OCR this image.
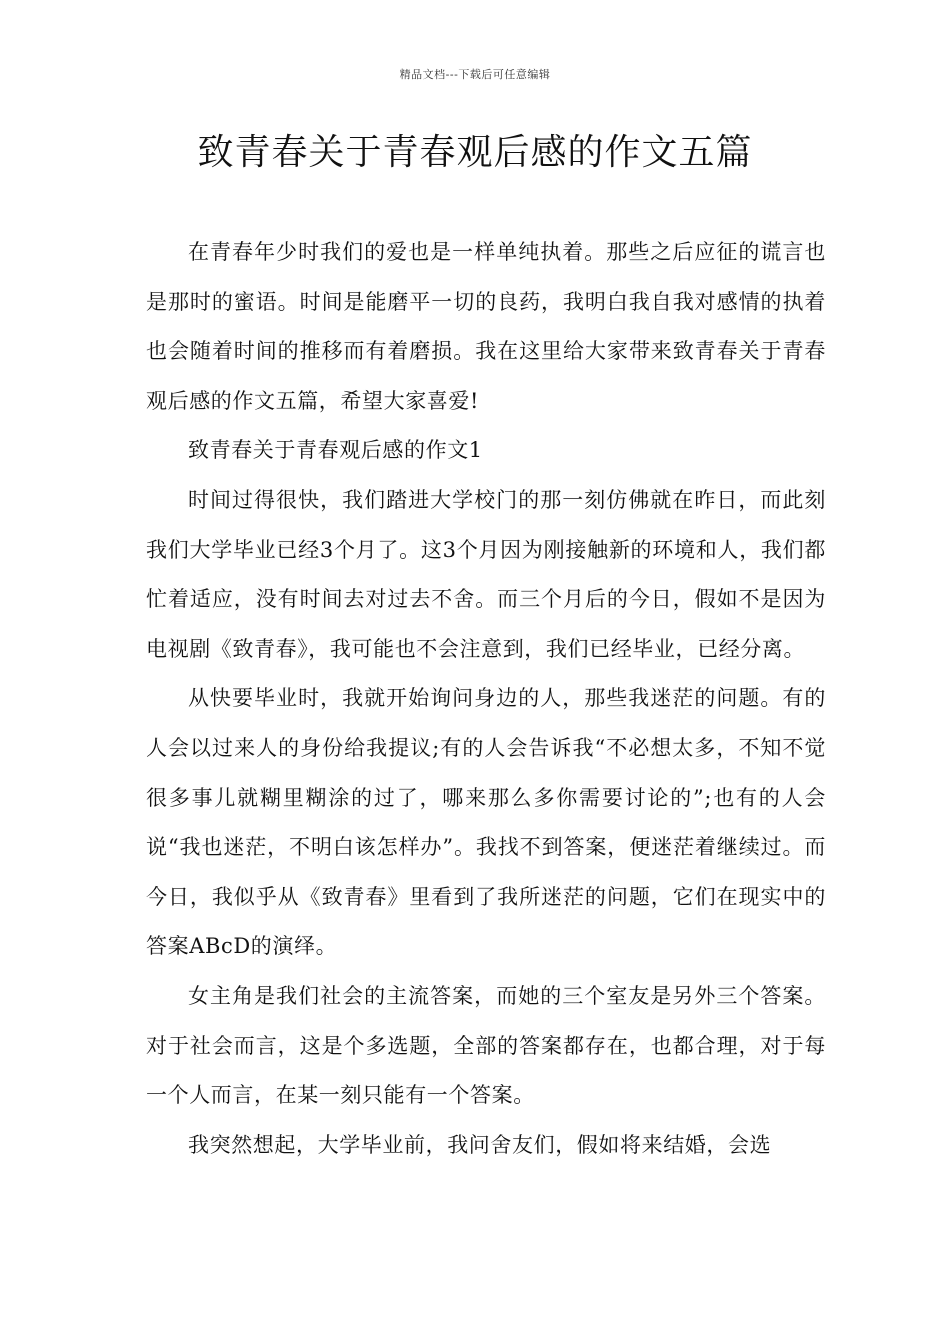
精品文档---下载后可任意编辑
致青春关于青春观后感的作文五篇

在青春年少时我们的爱也是一样单纯执着。那些之后应征的谎言也是那时的蜜语。时间是能磨平一切的良药，我明白我自我对感情的执着也会随着时间的推移而有着磨损。我在这里给大家带来致青春关于青春观后感的作文五篇，希望大家喜爱!

致青春关于青春观后感的作文1

时间过得很快，我们踏进大学校门的那一刻仿佛就在昨日，而此刻我们大学毕业已经3个月了。这3个月因为刚接触新的环境和人，我们都忙着适应，没有时间去对过去不舍。而三个月后的今日，假如不是因为电视剧《致青春》，我可能也不会注意到，我们已经毕业，已经分离。

从快要毕业时，我就开始询问身边的人，那些我迷茫的问题。有的人会以过来人的身份给我提议;有的人会告诉我“不必想太多，不知不觉很多事儿就糊里糊涂的过了，哪来那么多你需要讨论的”;也有的人会说“我也迷茫，不明白该怎样办”。我找不到答案，便迷茫着继续过。而今日，我似乎从《致青春》里看到了我所迷茫的问题，它们在现实中的答案ABcD的演绎。

女主角是我们社会的主流答案，而她的三个室友是另外三个答案。对于社会而言，这是个多选题，全部的答案都存在，也都合理，对于每一个人而言，在某一刻只能有一个答案。

我突然想起，大学毕业前，我问舍友们，假如将来结婚，会选
